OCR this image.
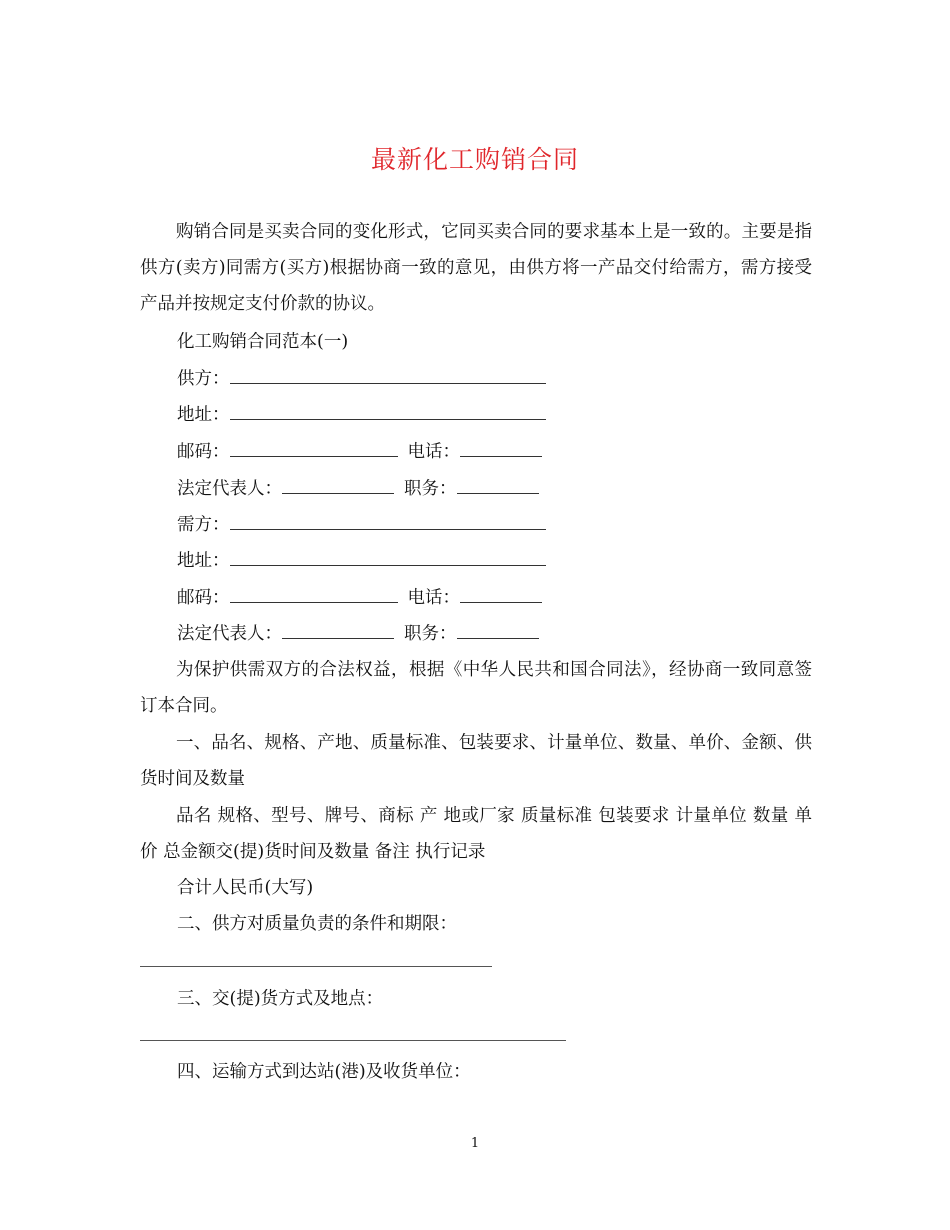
最新化工购销合同

购销合同是买卖合同的变化形式，它同买卖合同的要求基本上是一致的。主要是指供方(卖方)同需方(买方)根据协商一致的意见，由供方将一产品交付给需方，需方接受产品并按规定支付价款的协议。

化工购销合同范本(一)
供方：
地址：
邮码：	电话：
法定代表人：	职务：
需方：
地址：
邮码：	电话：
法定代表人：	职务：

为保护供需双方的合法权益，根据《中华人民共和国合同法》，经协商一致同意签订本合同。

一、品名、规格、产地、质量标准、包装要求、计量单位、数量、单价、金额、供货时间及数量

品名 规格、型号、牌号、商标 产 地或厂家 质量标准 包装要求 计量单位 数量 单价 总金额交(提)货时间及数量 备注 执行记录

合计人民币(大写)
二、供方对质量负责的条件和期限：
三、交(提)货方式及地点：
四、运输方式到达站(港)及收货单位：
1
